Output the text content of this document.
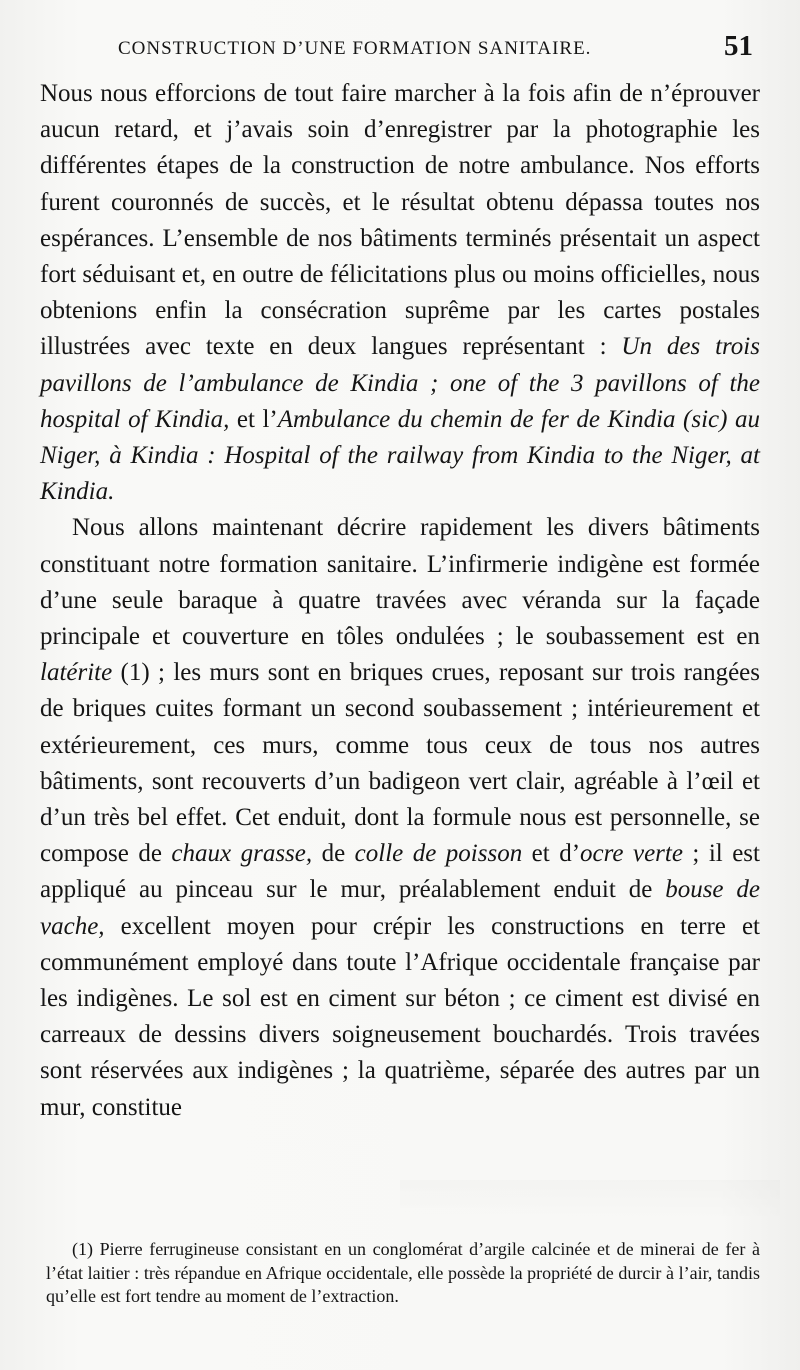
CONSTRUCTION D’UNE FORMATION SANITAIRE.	51

Nous nous efforcions de tout faire marcher à la fois afin de n’éprouver aucun retard, et j’avais soin d’enregistrer par la photographie les différentes étapes de la construction de notre ambulance. Nos efforts furent couronnés de succès, et le résultat obtenu dépassa toutes nos espérances. L’ensemble de nos bâtiments terminés présentait un aspect fort séduisant et, en outre de félicitations plus ou moins officielles, nous obtenions enfin la consécration suprême par les cartes postales illustrées avec texte en deux langues représentant : Un des trois pavillons de l’ambulance de Kindia ; one of the 3 pavillons of the hospital of Kindia, et l’Ambulance du chemin de fer de Kindia (sic) au Niger, à Kindia : Hospital of the railway from Kindia to the Niger, at Kindia.

Nous allons maintenant décrire rapidement les divers bâtiments constituant notre formation sanitaire. L’infirmerie indigène est formée d’une seule baraque à quatre travées avec véranda sur la façade principale et couverture en tôles ondulées ; le soubassement est en latérite (1) ; les murs sont en briques crues, reposant sur trois rangées de briques cuites formant un second soubassement ; intérieurement et extérieurement, ces murs, comme tous ceux de tous nos autres bâtiments, sont recouverts d’un badigeon vert clair, agréable à l’œil et d’un très bel effet. Cet enduit, dont la formule nous est personnelle, se compose de chaux grasse, de colle de poisson et d’ocre verte ; il est appliqué au pinceau sur le mur, préalablement enduit de bouse de vache, excellent moyen pour crépir les constructions en terre et communément employé dans toute l’Afrique occidentale française par les indigènes. Le sol est en ciment sur béton ; ce ciment est divisé en carreaux de dessins divers soigneusement bouchardés. Trois travées sont réservées aux indigènes ; la quatrième, séparée des autres par un mur, constitue

(1) Pierre ferrugineuse consistant en un conglomérat d’argile calcinée et de minerai de fer à l’état laitier : très répandue en Afrique occidentale, elle possède la propriété de durcir à l’air, tandis qu’elle est fort tendre au moment de l’extraction.
